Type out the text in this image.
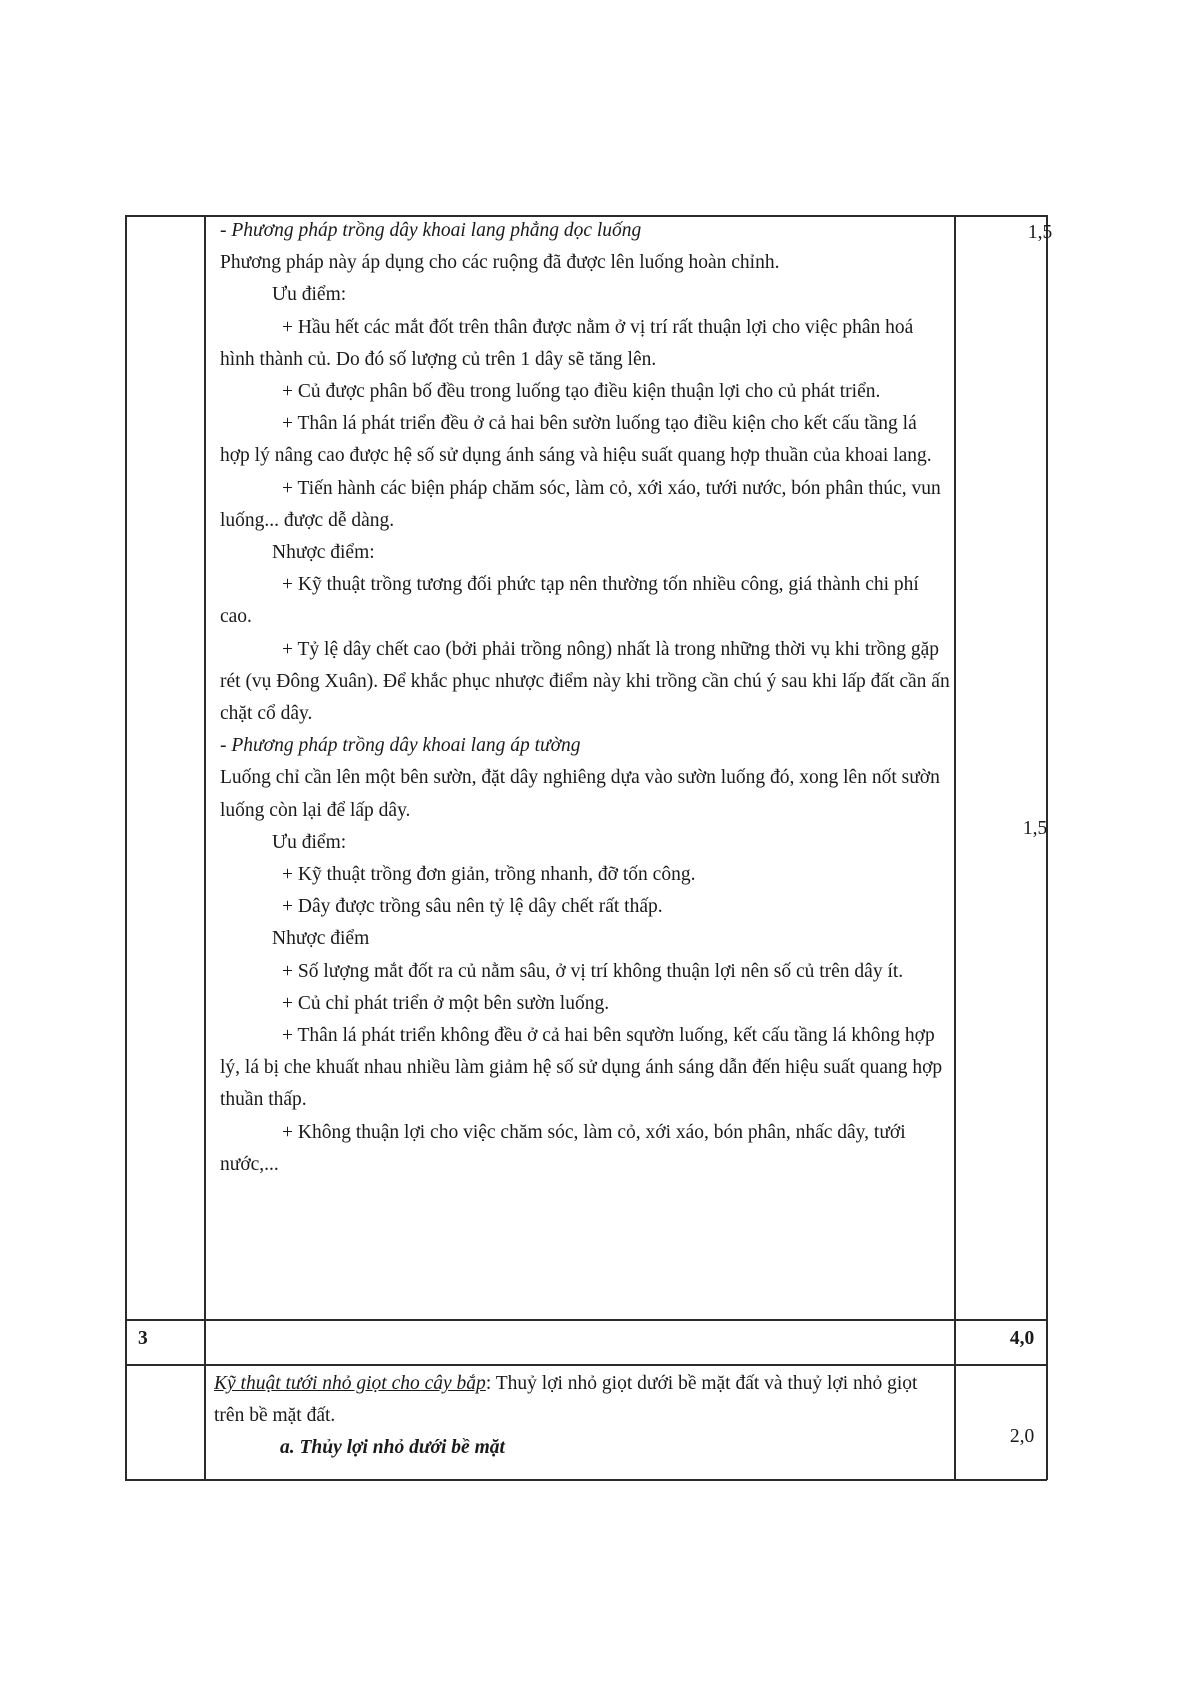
- Phương pháp trồng dây khoai lang phẳng dọc luống

Phương pháp này áp dụng cho các ruộng đã được lên luống hoàn chỉnh.

Ưu điểm:

+ Hầu hết các mắt đốt trên thân được nằm ở vị trí rất thuận lợi cho việc phân hoá hình thành củ. Do đó số lượng củ trên 1 dây sẽ tăng lên.

+ Củ được phân bố đều trong luống tạo điều kiện thuận lợi cho củ phát triển.

+ Thân lá phát triển đều ở cả hai bên sườn luống tạo điều kiện cho kết cấu tầng lá hợp lý nâng cao được hệ số sử dụng ánh sáng và hiệu suất quang hợp thuần của khoai lang.

+ Tiến hành các biện pháp chăm sóc, làm cỏ, xới xáo, tưới nước, bón phân thúc, vun luống... được dễ dàng.

Nhược điểm:

+ Kỹ thuật trồng tương đối phức tạp nên thường tốn nhiều công, giá thành chi phí cao.

+ Tỷ lệ dây chết cao (bởi phải trồng nông) nhất là trong những thời vụ khi trồng gặp rét (vụ Đông Xuân). Để khắc phục nhược điểm này khi trồng cần chú ý sau khi lấp đất cần ấn chặt cổ dây.

- Phương pháp trồng dây khoai lang áp tường

Luống chỉ cần lên một bên sườn, đặt dây nghiêng dựa vào sườn luống đó, xong lên nốt sườn luống còn lại để lấp dây.

Ưu điểm:

+ Kỹ thuật trồng đơn giản, trồng nhanh, đỡ tốn công.

+ Dây được trồng sâu nên tỷ lệ dây chết rất thấp.

Nhược điểm

+ Số lượng mắt đốt ra củ nằm sâu, ở vị trí không thuận lợi nên số củ trên dây ít.

+ Củ chỉ phát triển ở một bên sườn luống.

+ Thân lá phát triển không đều ở cả hai bên sqườn luống, kết cấu tầng lá không hợp lý, lá bị che khuất nhau nhiều làm giảm hệ số sử dụng ánh sáng dẫn đến hiệu suất quang hợp thuần thấp.

+ Không thuận lợi cho việc chăm sóc, làm cỏ, xới xáo, bón phân, nhấc dây, tưới nước,...

1,5
1,5
3	4,0

Kỹ thuật tưới nhỏ giọt cho cây bắp: Thuỷ lợi nhỏ giọt dưới bề mặt đất và thuỷ lợi nhỏ giọt trên bề mặt đất.

a. Thủy lợi nhỏ dưới bề mặt

2,0
